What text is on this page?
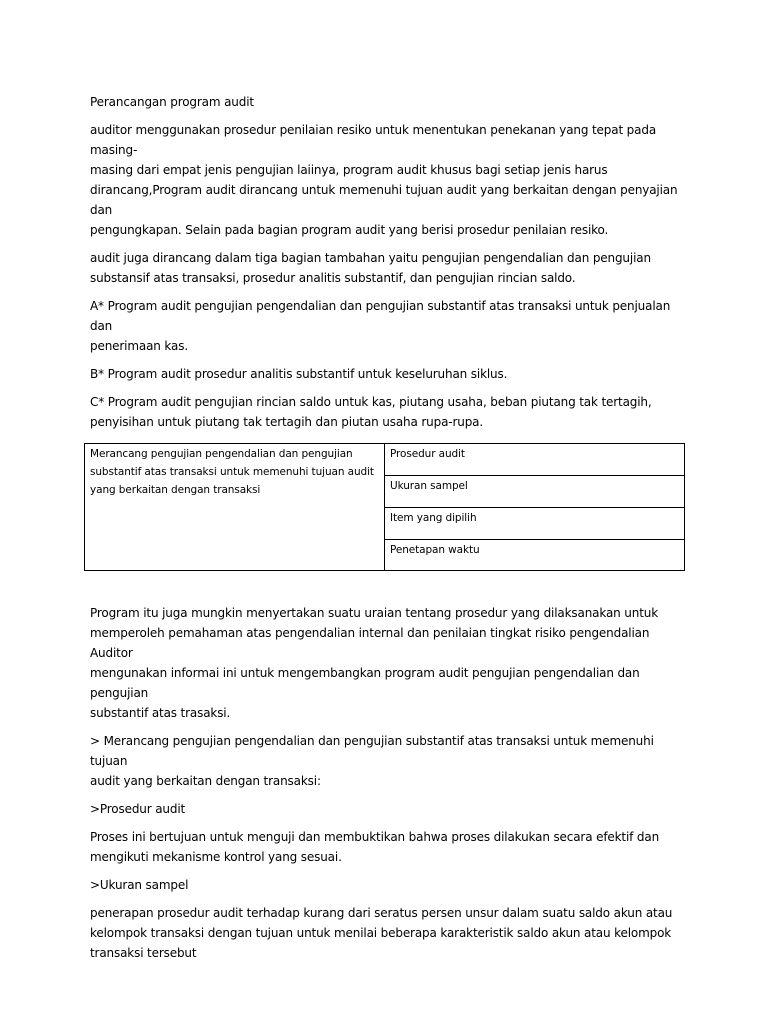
Perancangan program audit

auditor menggunakan prosedur penilaian resiko untuk menentukan penekanan yang tepat pada masing-
masing dari empat jenis pengujian laiinya, program audit khusus bagi setiap jenis harus
dirancang,Program audit dirancang untuk memenuhi tujuan audit yang berkaitan dengan penyajian dan
pengungkapan. Selain pada bagian program audit yang berisi prosedur penilaian resiko.

audit juga dirancang dalam tiga bagian tambahan yaitu pengujian pengendalian dan pengujian
substansif atas transaksi, prosedur analitis substantif, dan pengujian rincian saldo.

A* Program audit pengujian pengendalian dan pengujian substantif atas transaksi untuk penjualan dan
penerimaan kas.

B* Program audit prosedur analitis substantif untuk keseluruhan siklus.

C* Program audit pengujian rincian saldo untuk kas, piutang usaha, beban piutang tak tertagih,
penyisihan untuk piutang tak tertagih dan piutan usaha rupa-rupa.

Merancang pengujian pengendalian dan pengujian
substantif atas transaksi untuk memenuhi tujuan audit
yang berkaitan dengan transaksi	Prosedur audit
Ukuran sampel
Item yang dipilih
Penetapan waktu

Program itu juga mungkin menyertakan suatu uraian tentang prosedur yang dilaksanakan untuk
memperoleh pemahaman atas pengendalian internal dan penilaian tingkat risiko pengendalian Auditor
mengunakan informai ini untuk mengembangkan program audit pengujian pengendalian dan pengujian
substantif atas trasaksi.

> Merancang pengujian pengendalian dan pengujian substantif atas transaksi untuk memenuhi tujuan
audit yang berkaitan dengan transaksi:

>Prosedur audit

Proses ini bertujuan untuk menguji dan membuktikan bahwa proses dilakukan secara efektif dan
mengikuti mekanisme kontrol yang sesuai.

>Ukuran sampel

penerapan prosedur audit terhadap kurang dari seratus persen unsur dalam suatu saldo akun atau
kelompok transaksi dengan tujuan untuk menilai beberapa karakteristik saldo akun atau kelompok
transaksi tersebut
